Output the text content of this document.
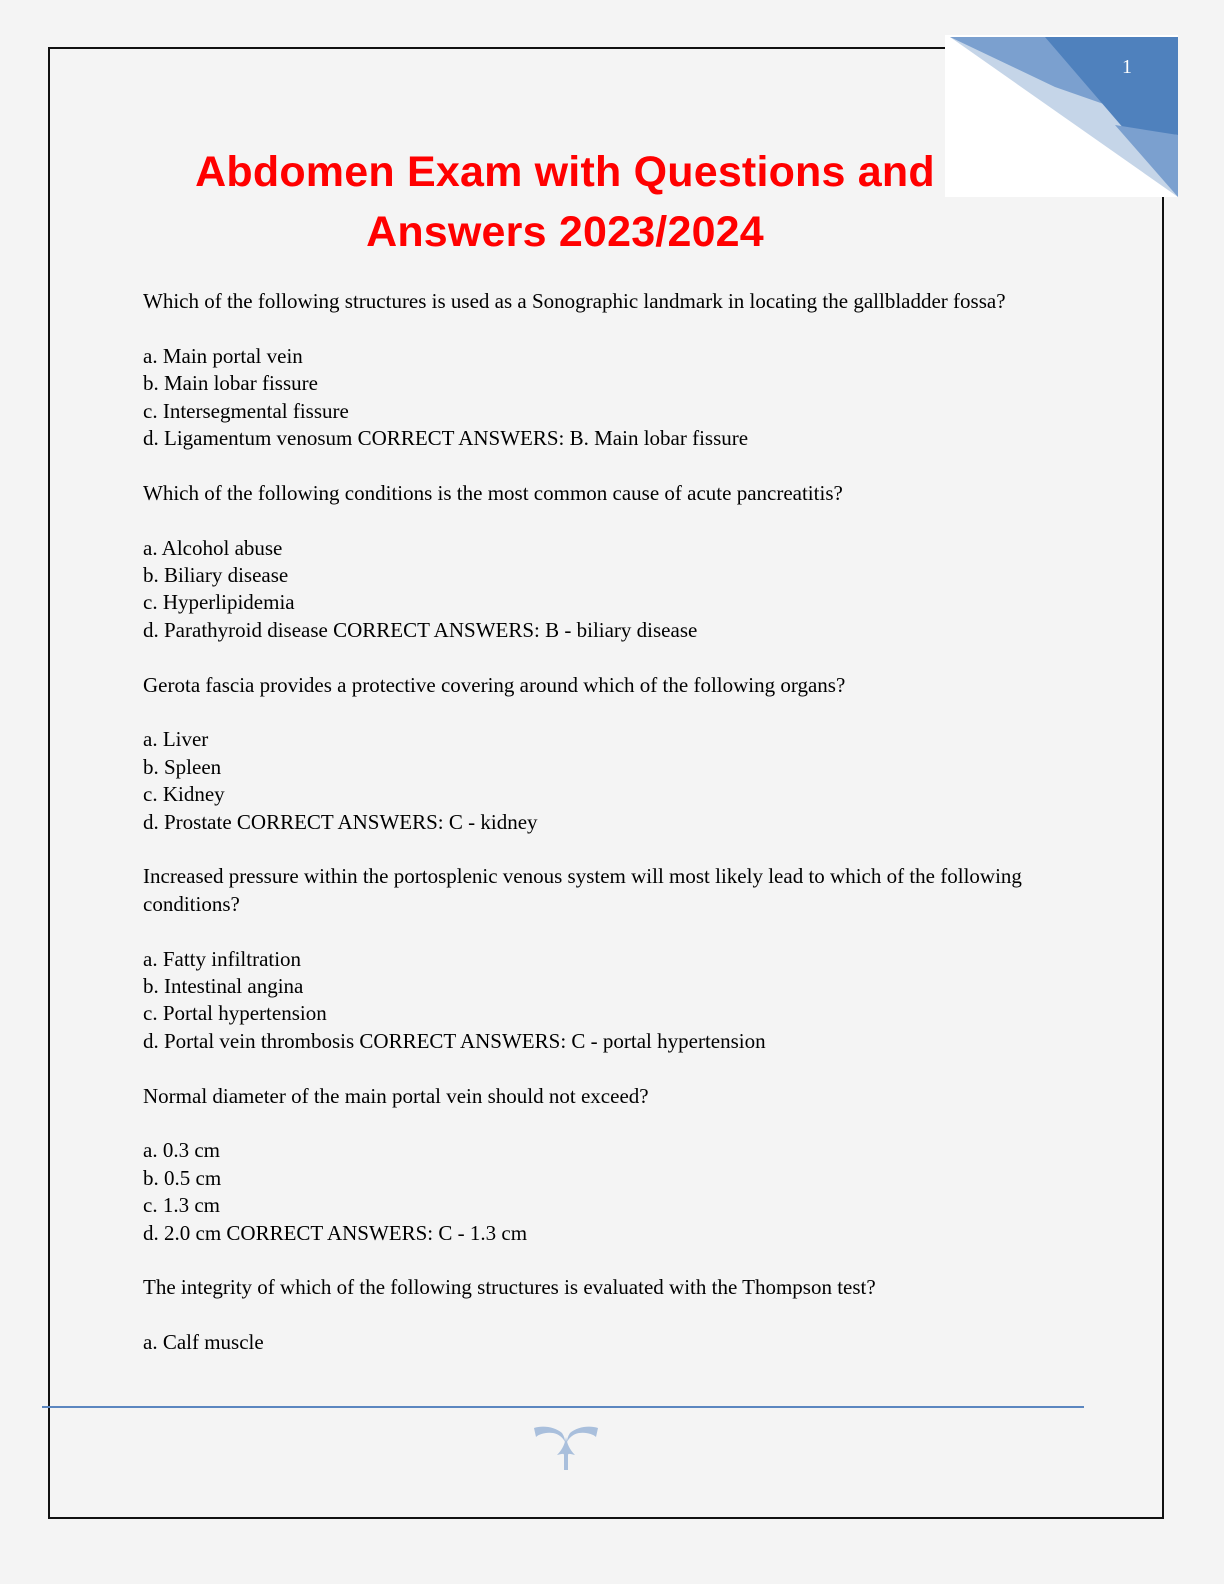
1
Abdomen Exam with Questions and
Answers 2023/2024
Which of the following structures is used as a Sonographic landmark in locating the gallbladder fossa?
a. Main portal vein
b. Main lobar fissure
c. Intersegmental fissure
d. Ligamentum venosum CORRECT ANSWERS: B. Main lobar fissure
Which of the following conditions is the most common cause of acute pancreatitis?
a. Alcohol abuse
b. Biliary disease
c. Hyperlipidemia
d. Parathyroid disease CORRECT ANSWERS: B - biliary disease
Gerota fascia provides a protective covering around which of the following organs?
a. Liver
b. Spleen
c. Kidney
d. Prostate CORRECT ANSWERS: C - kidney
Increased pressure within the portosplenic venous system will most likely lead to which of the following conditions?
a. Fatty infiltration
b. Intestinal angina
c. Portal hypertension
d. Portal vein thrombosis CORRECT ANSWERS: C - portal hypertension
Normal diameter of the main portal vein should not exceed?
a. 0.3 cm
b. 0.5 cm
c. 1.3 cm
d. 2.0 cm CORRECT ANSWERS: C - 1.3 cm
The integrity of which of the following structures is evaluated with the Thompson test?
a. Calf muscle
